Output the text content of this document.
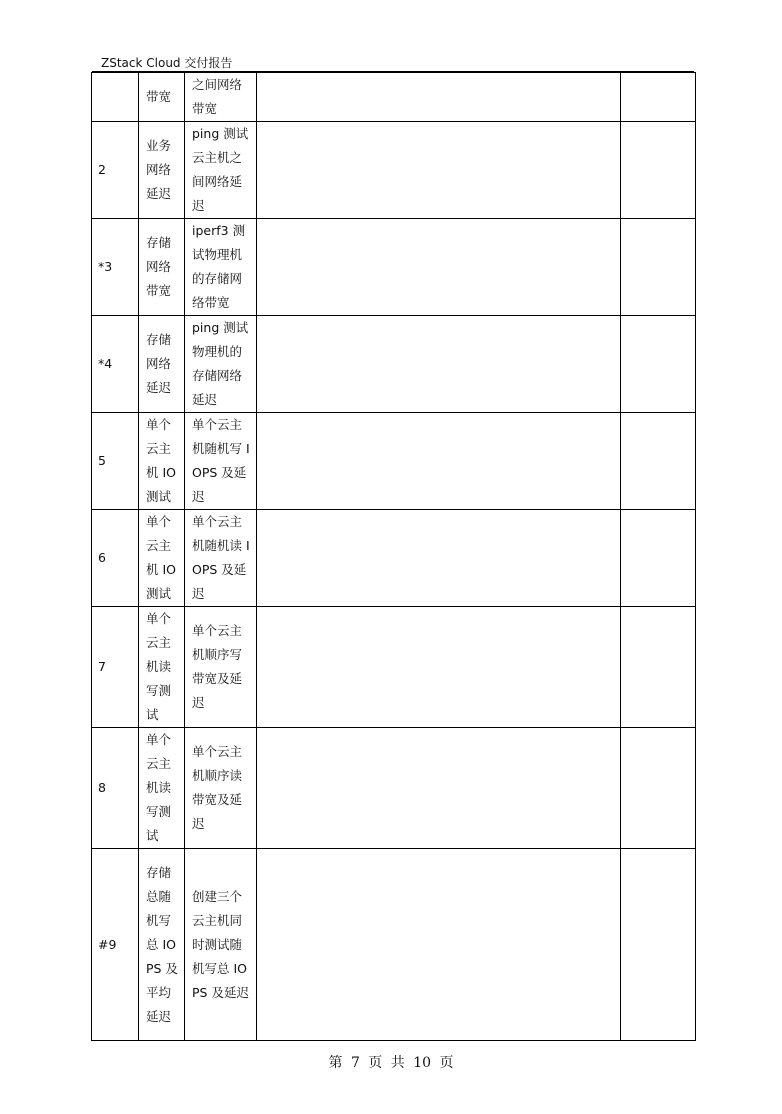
ZStack Cloud 交付报告
	带宽	之间网络带宽		
2	业务网络延迟	ping 测试云主机之间网络延迟		
*3	存储网络带宽	iperf3 测试物理机的存储网络带宽		
*4	存储网络延迟	ping 测试物理机的存储网络延迟		
5	单个云主机 IO 测试	单个云主机随机写 IOPS 及延迟		
6	单个云主机 IO 测试	单个云主机随机读 IOPS 及延迟		
7	单个云主机读写测试	单个云主机顺序写带宽及延迟		
8	单个云主机读写测试	单个云主机顺序读带宽及延迟		
#9	存储总随机写总 IOPS 及平均延迟	创建三个云主机同时测试随机写总 IOPS 及延迟		
第 7 页 共 10 页
